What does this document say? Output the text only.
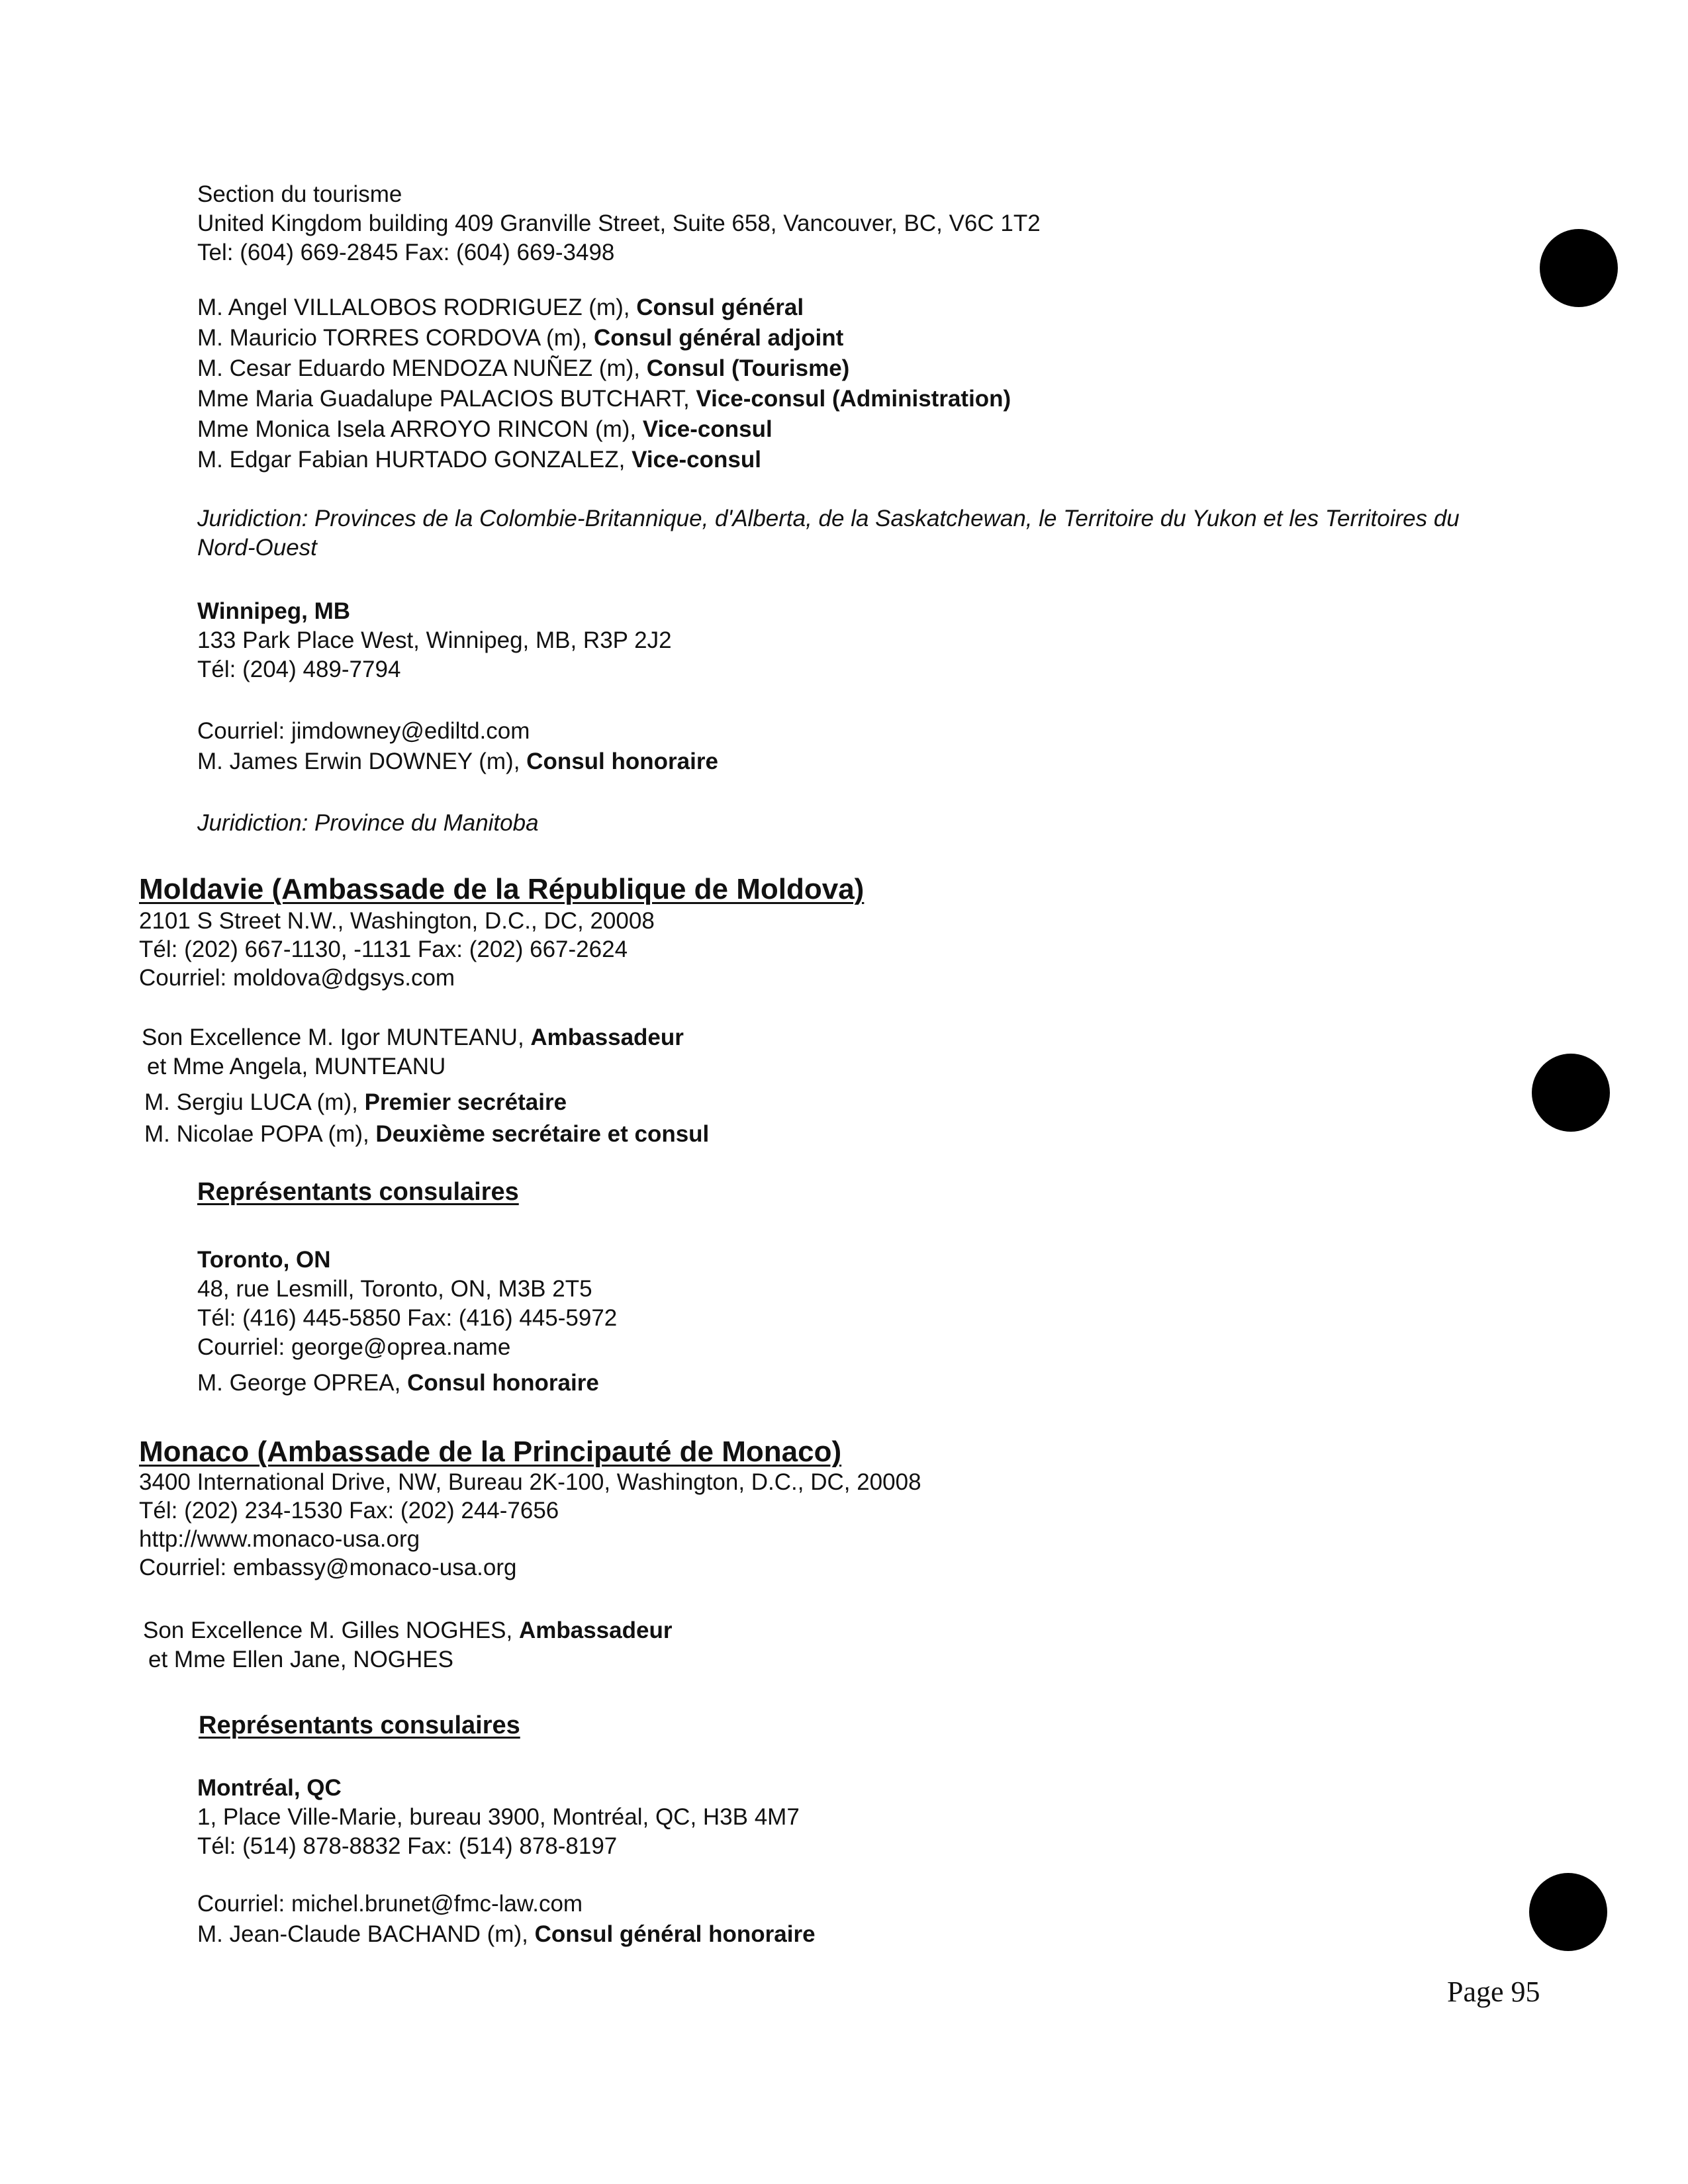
Section du tourisme
United Kingdom building 409 Granville Street, Suite 658, Vancouver, BC, V6C 1T2
Tel: (604) 669-2845 Fax: (604) 669-3498
M. Angel VILLALOBOS RODRIGUEZ (m), Consul général
M. Mauricio TORRES CORDOVA (m), Consul général adjoint
M. Cesar Eduardo MENDOZA NUÑEZ (m), Consul (Tourisme)
Mme Maria Guadalupe PALACIOS BUTCHART, Vice-consul (Administration)
Mme Monica Isela ARROYO RINCON (m), Vice-consul
M. Edgar Fabian HURTADO GONZALEZ, Vice-consul
Juridiction: Provinces de la Colombie-Britannique, d'Alberta, de la Saskatchewan, le Territoire du Yukon et les Territoires du Nord-Ouest
Winnipeg, MB
133 Park Place West, Winnipeg, MB, R3P 2J2
Tél: (204) 489-7794
Courriel: jimdowney@ediltd.com
M. James Erwin DOWNEY (m), Consul honoraire
Juridiction: Province du Manitoba
Moldavie (Ambassade de la République de Moldova)
2101 S Street N.W., Washington, D.C., DC, 20008
Tél: (202) 667-1130, -1131 Fax: (202) 667-2624
Courriel: moldova@dgsys.com
Son Excellence M. Igor MUNTEANU, Ambassadeur
et Mme Angela, MUNTEANU
M. Sergiu LUCA (m), Premier secrétaire
M. Nicolae POPA (m), Deuxième secrétaire et consul
Représentants consulaires
Toronto, ON
48, rue Lesmill, Toronto, ON, M3B 2T5
Tél: (416) 445-5850 Fax: (416) 445-5972
Courriel: george@oprea.name
M. George OPREA, Consul honoraire
Monaco (Ambassade de la Principauté de Monaco)
3400 International Drive, NW, Bureau 2K-100, Washington, D.C., DC, 20008
Tél: (202) 234-1530 Fax: (202) 244-7656
http://www.monaco-usa.org
Courriel: embassy@monaco-usa.org
Son Excellence M. Gilles NOGHES, Ambassadeur
et Mme Ellen Jane, NOGHES
Représentants consulaires
Montréal, QC
1, Place Ville-Marie, bureau 3900, Montréal, QC, H3B 4M7
Tél: (514) 878-8832 Fax: (514) 878-8197
Courriel: michel.brunet@fmc-law.com
M. Jean-Claude BACHAND (m), Consul général honoraire
Page 95
